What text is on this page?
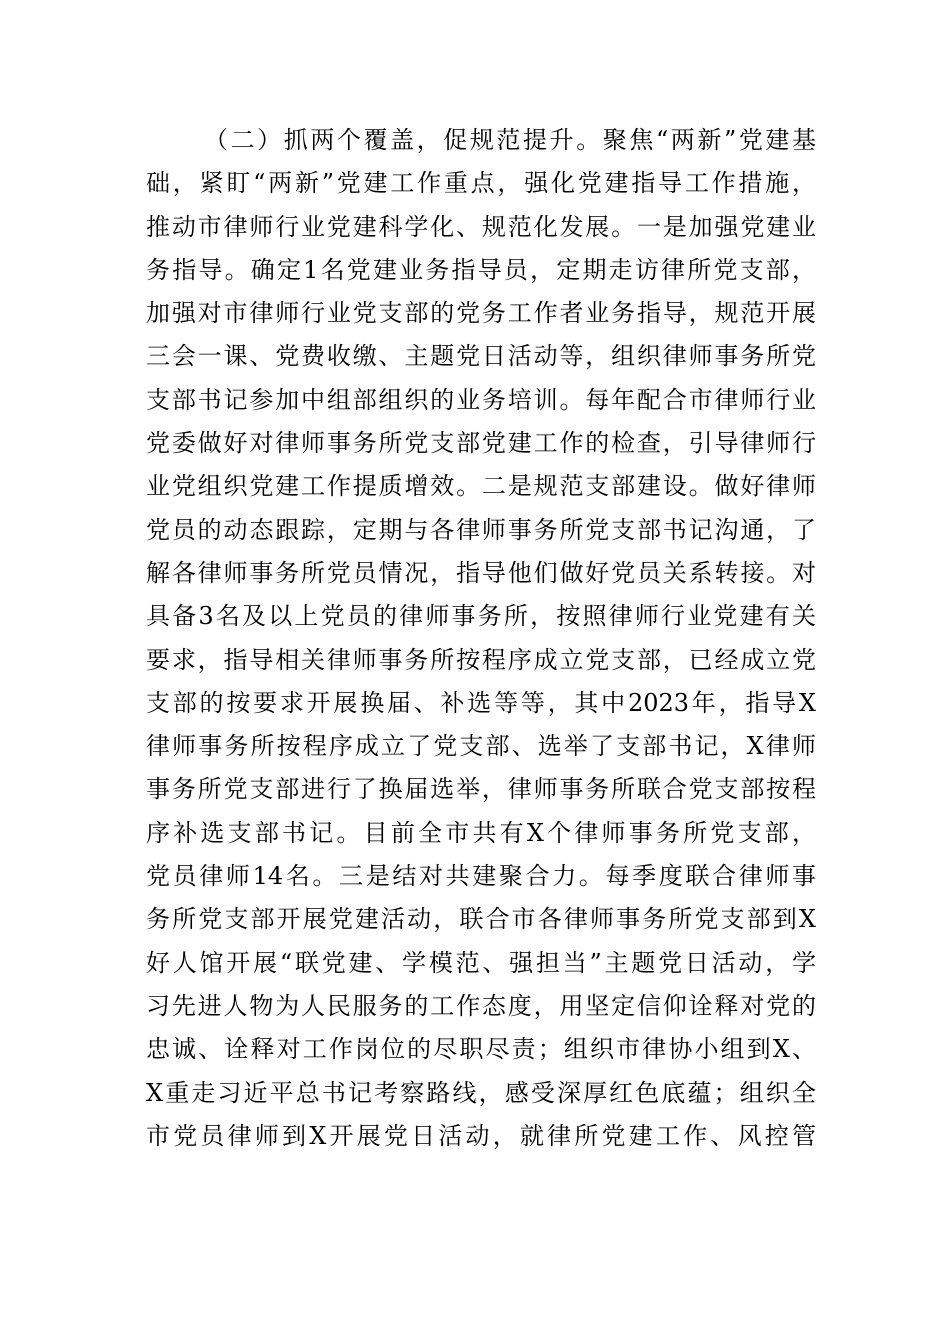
（二）抓两个覆盖，促规范提升。聚焦“两新”党建基
础，紧盯“两新”党建工作重点，强化党建指导工作措施，
推动市律师行业党建科学化、规范化发展。一是加强党建业
务指导。确定1名党建业务指导员，定期走访律所党支部，
加强对市律师行业党支部的党务工作者业务指导，规范开展
三会一课、党费收缴、主题党日活动等，组织律师事务所党
支部书记参加中组部组织的业务培训。每年配合市律师行业
党委做好对律师事务所党支部党建工作的检查，引导律师行
业党组织党建工作提质增效。二是规范支部建设。做好律师
党员的动态跟踪，定期与各律师事务所党支部书记沟通，了
解各律师事务所党员情况，指导他们做好党员关系转接。对
具备3名及以上党员的律师事务所，按照律师行业党建有关
要求，指导相关律师事务所按程序成立党支部，已经成立党
支部的按要求开展换届、补选等等，其中2023年，指导X
律师事务所按程序成立了党支部、选举了支部书记，X律师
事务所党支部进行了换届选举，律师事务所联合党支部按程
序补选支部书记。目前全市共有X个律师事务所党支部，
党员律师14名。三是结对共建聚合力。每季度联合律师事
务所党支部开展党建活动，联合市各律师事务所党支部到X
好人馆开展“联党建、学模范、强担当”主题党日活动，学
习先进人物为人民服务的工作态度，用坚定信仰诠释对党的
忠诚、诠释对工作岗位的尽职尽责；组织市律协小组到X、
X重走习近平总书记考察路线，感受深厚红色底蕴；组织全
市党员律师到X开展党日活动，就律所党建工作、风控管
